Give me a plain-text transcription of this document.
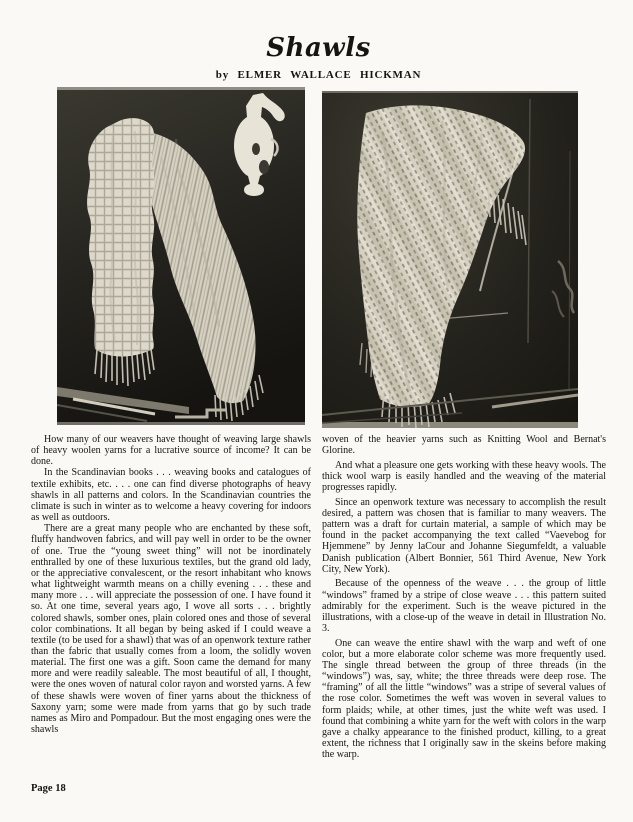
Shawls
by ELMER WALLACE HICKMAN

How many of our weavers have thought of weaving large shawls of heavy woolen yarns for a lucrative source of income? It can be done.

In the Scandinavian books . . . weaving books and catalogues of textile exhibits, etc. . . . one can find diverse photographs of heavy shawls in all patterns and colors. In the Scandinavian countries the climate is such in winter as to welcome a heavy covering for indoors as well as outdoors.

There are a great many people who are enchanted by these soft, fluffy handwoven fabrics, and will pay well in order to be the owner of one. True the “young sweet thing” will not be inordinately enthralled by one of these luxurious textiles, but the grand old lady, or the appreciative convalescent, or the resort inhabitant who knows what lightweight warmth means on a chilly evening . . . these and many more . . . will appreciate the possession of one. I have found it so. At one time, several years ago, I wove all sorts . . . brightly colored shawls, somber ones, plain colored ones and those of several color combinations. It all began by being asked if I could weave a textile (to be used for a shawl) that was of an openwork texture rather than the fabric that usually comes from a loom, the solidly woven material. The first one was a gift. Soon came the demand for many more and were readily saleable. The most beautiful of all, I thought, were the ones woven of natural color rayon and worsted yarns. A few of these shawls were woven of finer yarns about the thickness of Saxony yarn; some were made from yarns that go by such trade names as Miro and Pompadour. But the most engaging ones were the shawls

woven of the heavier yarns such as Knitting Wool and Bernat's Glorine.

And what a pleasure one gets working with these heavy wools. The thick wool warp is easily handled and the weaving of the material progresses rapidly.

Since an openwork texture was necessary to accomplish the result desired, a pattern was chosen that is familiar to many weavers. The pattern was a draft for curtain material, a sample of which may be found in the packet accompanying the text called “Vaevebog for Hjemmene” by Jenny laCour and Johanne Siegumfeldt, a valuable Danish publication (Albert Bonnier, 561 Third Avenue, New York City, New York).

Because of the openness of the weave . . . the group of little “windows” framed by a stripe of close weave . . . this pattern suited admirably for the experiment. Such is the weave pictured in the illustrations, with a close-up of the weave in detail in Illustration No. 3.

One can weave the entire shawl with the warp and weft of one color, but a more elaborate color scheme was more frequently used. The single thread between the group of three threads (in the “windows”) was, say, white; the three threads were deep rose. The “framing” of all the little “windows” was a stripe of several values of the rose color. Sometimes the weft was woven in several values to form plaids; while, at other times, just the white weft was used. I found that combining a white yarn for the weft with colors in the warp gave a chalky appearance to the finished product, killing, to a great extent, the richness that I originally saw in the skeins before making the warp.

Page 18
